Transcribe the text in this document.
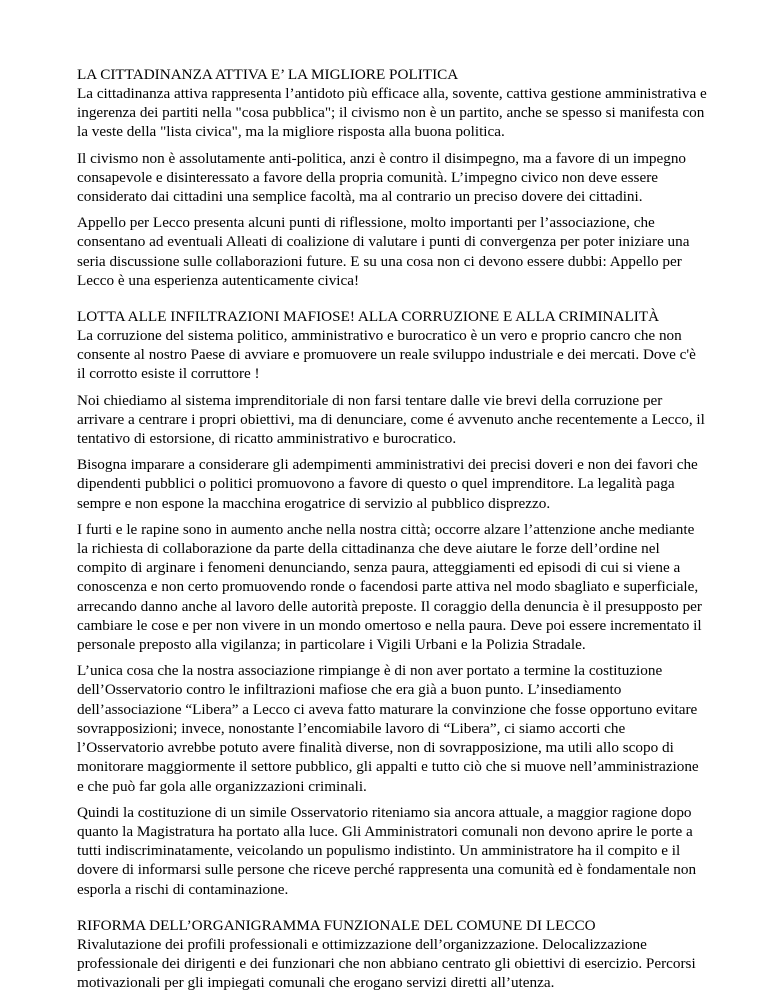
LA CITTADINANZA ATTIVA E’ LA MIGLIORE POLITICA

La cittadinanza attiva rappresenta l’antidoto più efficace alla, sovente, cattiva gestione amministrativa e ingerenza dei partiti nella "cosa pubblica"; il civismo non è un partito, anche se spesso si manifesta con la veste della "lista civica", ma la migliore risposta alla buona politica.

Il civismo non è assolutamente anti-politica, anzi è contro il disimpegno, ma a favore di un impegno consapevole e disinteressato a favore della propria comunità. L’impegno civico non deve essere considerato dai cittadini una semplice facoltà, ma al contrario un preciso dovere dei cittadini.

Appello per Lecco presenta alcuni punti di riflessione, molto importanti per l’associazione, che consentano ad eventuali Alleati di coalizione di valutare i punti di convergenza per poter iniziare una seria discussione sulle collaborazioni future. E su una cosa non ci devono essere dubbi: Appello per Lecco è una esperienza autenticamente civica!

LOTTA ALLE INFILTRAZIONI MAFIOSE! ALLA CORRUZIONE E ALLA CRIMINALITÀ

La corruzione del sistema politico, amministrativo e burocratico è un vero e proprio cancro che non consente al nostro Paese di avviare e promuovere un reale sviluppo industriale e dei mercati. Dove c'è il corrotto esiste il corruttore !

Noi chiediamo al sistema imprenditoriale di non farsi tentare dalle vie brevi della corruzione per arrivare a centrare i propri obiettivi, ma di denunciare, come é avvenuto anche recentemente a Lecco, il tentativo di estorsione, di ricatto amministrativo e burocratico.

Bisogna imparare a considerare gli adempimenti amministrativi dei precisi doveri e non dei favori che dipendenti pubblici o politici promuovono a favore di questo o quel imprenditore. La legalità paga sempre e non espone la macchina erogatrice di servizio al pubblico disprezzo.

I furti e le rapine sono in aumento anche nella nostra città; occorre alzare l’attenzione anche mediante la richiesta di collaborazione da parte della cittadinanza che deve aiutare le forze dell’ordine nel compito di arginare i fenomeni denunciando, senza paura, atteggiamenti ed episodi di cui si viene a conoscenza e non certo promuovendo ronde o facendosi parte attiva nel modo sbagliato e superficiale, arrecando danno anche al lavoro delle autorità preposte. Il coraggio della denuncia è il presupposto per cambiare le cose e per non vivere in un mondo omertoso e nella paura. Deve poi essere incrementato il personale preposto alla vigilanza; in particolare i Vigili Urbani e la Polizia Stradale.

L’unica cosa che la nostra associazione rimpiange è di non aver portato a termine la costituzione dell’Osservatorio contro le infiltrazioni mafiose che era già a buon punto. L’insediamento dell’associazione “Libera” a Lecco ci aveva fatto maturare la convinzione che fosse opportuno evitare sovrapposizioni; invece, nonostante l’encomiabile lavoro di “Libera”, ci siamo accorti che l’Osservatorio avrebbe potuto avere finalità diverse, non di sovrapposizione, ma utili allo scopo di monitorare maggiormente il settore pubblico, gli appalti e tutto ciò che si muove nell’amministrazione e che può far gola alle organizzazioni criminali.

Quindi la costituzione di un simile Osservatorio riteniamo sia ancora attuale, a maggior ragione dopo quanto la Magistratura ha portato alla luce. Gli Amministratori comunali non devono aprire le porte a tutti indiscriminatamente, veicolando un populismo indistinto. Un amministratore ha il compito e il dovere di informarsi sulle persone che riceve perché rappresenta una comunità ed è fondamentale non esporla a rischi di contaminazione.

RIFORMA DELL’ORGANIGRAMMA FUNZIONALE DEL COMUNE DI LECCO

Rivalutazione dei profili professionali e ottimizzazione dell’organizzazione. Delocalizzazione professionale dei dirigenti e dei funzionari che non abbiano centrato gli obiettivi di esercizio. Percorsi motivazionali per gli impiegati comunali che erogano servizi diretti all’utenza.
